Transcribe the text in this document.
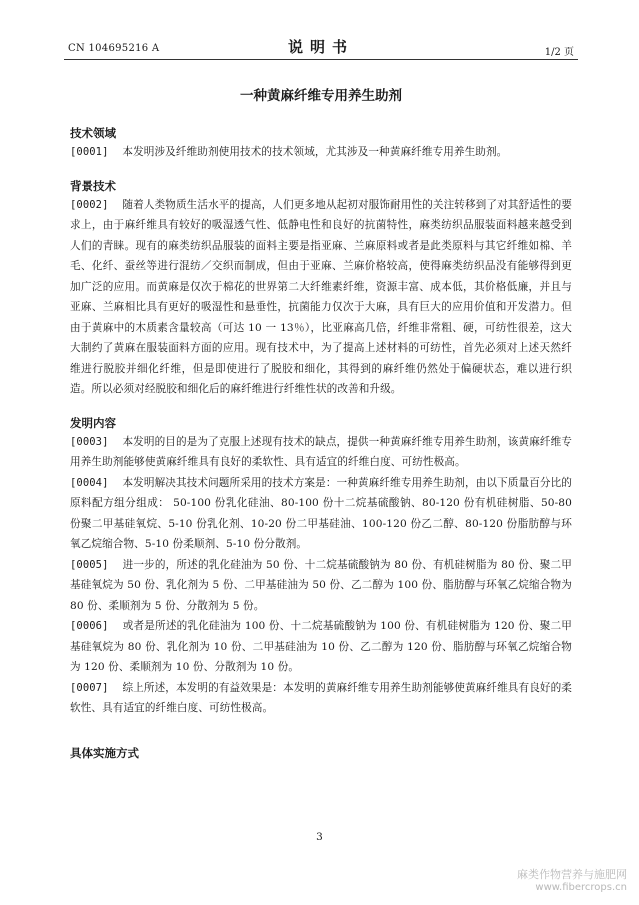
CN 104695216 A	说明书	1/2 页
一种黄麻纤维专用养生助剂
技术领域

[0001] 本发明涉及纤维助剂使用技术的技术领域，尤其涉及一种黄麻纤维专用养生助剂。

背景技术

[0002] 随着人类物质生活水平的提高，人们更多地从起初对服饰耐用性的关注转移到了对其舒适性的要求上，由于麻纤维具有较好的吸湿透气性、低静电性和良好的抗菌特性，麻类纺织品服装面料越来越受到人们的青睐。现有的麻类纺织品服装的面料主要是指亚麻、兰麻原料或者是此类原料与其它纤维如棉、羊毛、化纤、蚕丝等进行混纺／交织而制成，但由于亚麻、兰麻价格较高，使得麻类纺织品没有能够得到更加广泛的应用。而黄麻是仅次于棉花的世界第二大纤维素纤维，资源丰富、成本低，其价格低廉，并且与亚麻、兰麻相比具有更好的吸湿性和悬垂性，抗菌能力仅次于大麻，具有巨大的应用价值和开发潜力。但由于黄麻中的木质素含量较高（可达 10 一 13％），比亚麻高几倍，纤维非常粗、硬，可纺性很差，这大大制约了黄麻在服装面料方面的应用。现有技术中，为了提高上述材料的可纺性，首先必须对上述天然纤维进行脱胶并细化纤维，但是即使进行了脱胶和细化，其得到的麻纤维仍然处于偏硬状态，难以进行织造。所以必须对经脱胶和细化后的麻纤维进行纤维性状的改善和升级。

发明内容

[0003] 本发明的目的是为了克服上述现有技术的缺点，提供一种黄麻纤维专用养生助剂，该黄麻纤维专用养生助剂能够使黄麻纤维具有良好的柔软性、具有适宜的纤维白度、可纺性极高。

[0004] 本发明解决其技术问题所采用的技术方案是：一种黄麻纤维专用养生助剂，由以下质量百分比的原料配方组分组成： 50-100 份乳化硅油、80-100 份十二烷基硫酸钠、80-120 份有机硅树脂、50-80 份聚二甲基硅氧烷、5-10 份乳化剂、10-20 份二甲基硅油、100-120 份乙二醇、80-120 份脂肪醇与环氧乙烷缩合物、5-10 份柔顺剂、5-10 份分散剂。

[0005] 进一步的，所述的乳化硅油为 50 份、十二烷基硫酸钠为 80 份、有机硅树脂为 80 份、聚二甲基硅氧烷为 50 份、乳化剂为 5 份、二甲基硅油为 50 份、乙二醇为 100 份、脂肪醇与环氧乙烷缩合物为 80 份、柔顺剂为 5 份、分散剂为 5 份。

[0006] 或者是所述的乳化硅油为 100 份、十二烷基硫酸钠为 100 份、有机硅树脂为 120 份、聚二甲基硅氧烷为 80 份、乳化剂为 10 份、二甲基硅油为 10 份、乙二醇为 120 份、脂肪醇与环氧乙烷缩合物为 120 份、柔顺剂为 10 份、分散剂为 10 份。

[0007] 综上所述，本发明的有益效果是：本发明的黄麻纤维专用养生助剂能够使黄麻纤维具有良好的柔软性、具有适宜的纤维白度、可纺性极高。

具体实施方式
3
麻类作物营养与施肥网
www.fibercrops.cn
